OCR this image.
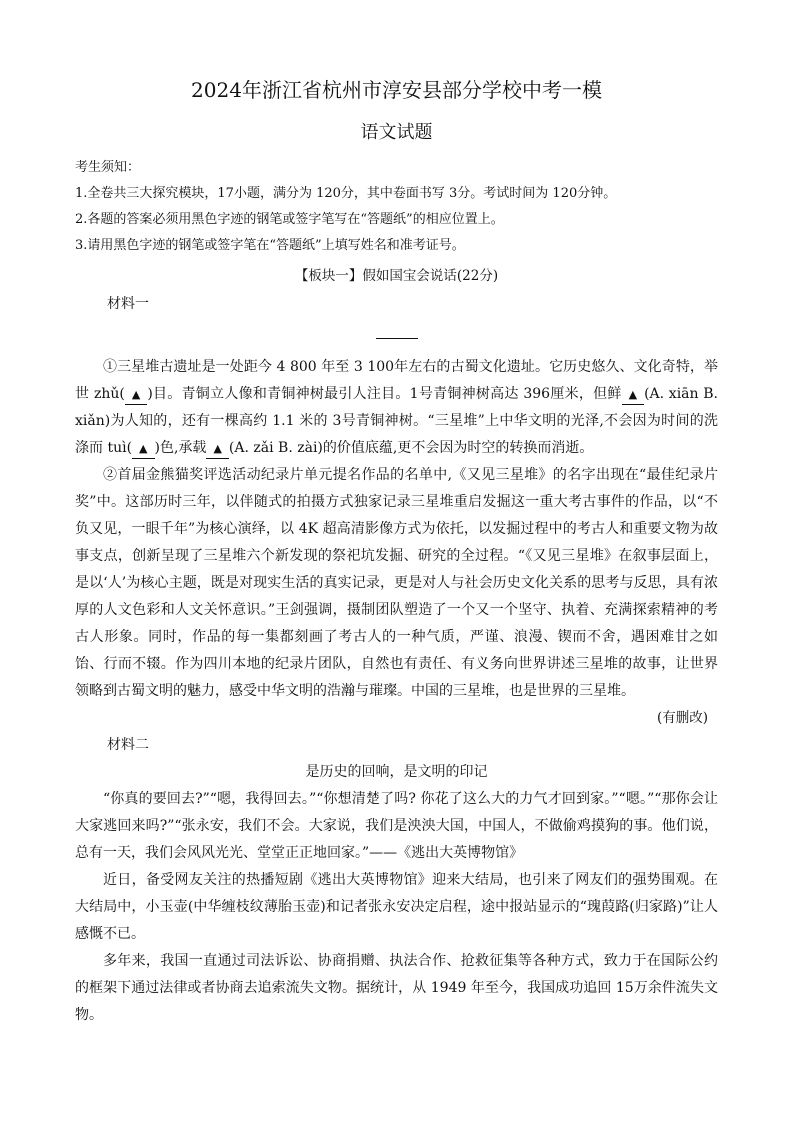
2024年浙江省杭州市淳安县部分学校中考一模
语文试题
考生须知：
1.全卷共三大探究模块，17小题，满分为 120分，其中卷面书写 3分。考试时间为 120分钟。
2.各题的答案必须用黑色字迹的钢笔或签字笔写在“答题纸”的相应位置上。
3.请用黑色字迹的钢笔或签字笔在“答题纸”上填写姓名和准考证号。
【板块一】假如国宝会说话(22分)
材料一

①三星堆古遗址是一处距今 4 800 年至 3 100年左右的古蜀文化遗址。它历史悠久、文化奇特，举世 zhǔ( ▲ )目。青铜立人像和青铜神树最引人注目。1号青铜神树高达 396厘米，但鲜 ▲ (A. xiān B. xiǎn)为人知的，还有一棵高约 1.1 米的 3号青铜神树。“三星堆”上中华文明的光泽,不会因为时间的洗涤而 tuì( ▲ )色,承载 ▲ (A. zǎi B. zài)的价值底蕴,更不会因为时空的转换而消逝。

②首届金熊猫奖评选活动纪录片单元提名作品的名单中,《又见三星堆》的名字出现在“最佳纪录片奖”中。这部历时三年，以伴随式的拍摄方式独家记录三星堆重启发掘这一重大考古事件的作品，以“不负又见，一眼千年”为核心演绎，以 4K 超高清影像方式为依托，以发掘过程中的考古人和重要文物为故事支点，创新呈现了三星堆六个新发现的祭祀坑发掘、研究的全过程。“《又见三星堆》在叙事层面上，是以‘人’为核心主题，既是对现实生活的真实记录，更是对人与社会历史文化关系的思考与反思，具有浓厚的人文色彩和人文关怀意识。”王剑强调，摄制团队塑造了一个又一个坚守、执着、充满探索精神的考古人形象。同时，作品的每一集都刻画了考古人的一种气质，严谨、浪漫、锲而不舍，遇困难甘之如饴、行而不辍。作为四川本地的纪录片团队，自然也有责任、有义务向世界讲述三星堆的故事，让世界领略到古蜀文明的魅力，感受中华文明的浩瀚与璀璨。中国的三星堆，也是世界的三星堆。

(有删改)
材料二
是历史的回响，是文明的印记

“你真的要回去?”“嗯，我得回去。”“你想清楚了吗? 你花了这么大的力气才回到家。”“嗯。”“那你会让大家逃回来吗?”“张永安，我们不会。大家说，我们是泱泱大国，中国人，不做偷鸡摸狗的事。他们说，总有一天，我们会风风光光、堂堂正正地回家。”——《逃出大英博物馆》

近日，备受网友关注的热播短剧《逃出大英博物馆》迎来大结局，也引来了网友们的强势围观。在大结局中，小玉壶(中华缠枝纹薄胎玉壶)和记者张永安决定启程，途中报站显示的“瑰葭路(归家路)”让人感慨不已。

多年来，我国一直通过司法诉讼、协商捐赠、执法合作、抢救征集等各种方式，致力于在国际公约的框架下通过法律或者协商去追索流失文物。据统计，从 1949 年至今，我国成功追回 15万余件流失文物。
